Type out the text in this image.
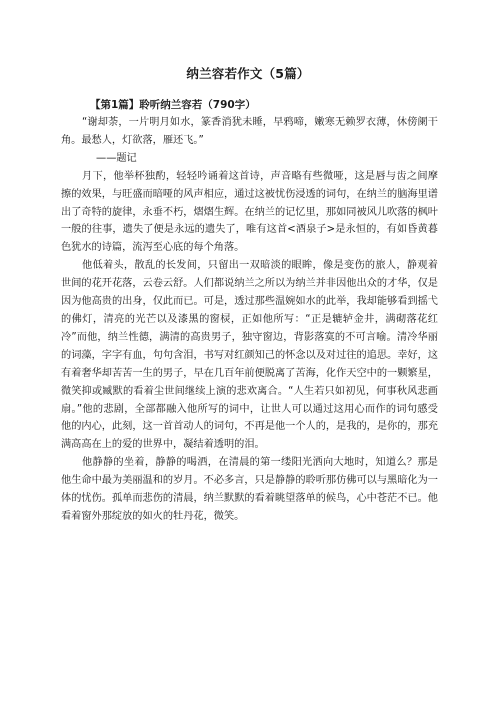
纳兰容若作文（5篇）
【第1篇】聆听纳兰容若（790字）

“谢却荼，一片明月如水，篆香消犹未睡，早鸦啼，嫩寒无赖罗衣薄，休傍阑干角。最愁人，灯欲落，雁还飞。”

——题记

月下，他举杯独酌，轻轻吟诵着这首诗，声音略有些微哑，这是唇与齿之间摩擦的效果，与旺盛而暗哑的风声相应，通过这被忧伤浸透的词句，在纳兰的脑海里谱出了奇特的旋律，永垂不朽，熠熠生辉。在纳兰的记忆里，那如同被风儿吹落的枫叶一般的往事，遗失了便是永远的遗失了，唯有这首<酒泉子>是永恒的，有如昏黄暮色犹水的诗篇，流泻至心底的每个角落。

他低着头，散乱的长发间，只留出一双暗淡的眼眸，像是变伤的旅人，静观着世间的花开花落，云卷云舒。人们都说纳兰之所以为纳兰并非因他出众的才华，仅是因为他高贵的出身，仅此而已。可是，透过那些温婉如水的此举，我却能够看到摇弋的佛灯，清亮的光芒以及漆黑的窗棂，正如他所写：“正是辘轳金井，满砌落花红冷”而他，纳兰性德，满清的高贵男子，独守窗边，背影落寞的不可言喻。清冷华丽的词藻，字字有血，句句含泪，书写对红颜知己的怀念以及对过往的追思。幸好，这有着奢华却苦苦一生的男子，早在几百年前便脱离了苦海，化作天空中的一颗繁星，微笑抑或臧默的看着尘世间继续上演的悲欢离合。“人生若只如初见，何事秋风悲画扇。”他的悲剧，全部都融入他所写的词中，让世人可以通过这用心而作的词句感受他的内心，此刻，这一首首动人的词句，不再是他一个人的，是我的，是你的，那充满高高在上的爱的世界中，凝结着透明的泪。

他静静的坐着，静静的喝酒，在清晨的第一缕阳光洒向大地时，知道么？那是他生命中最为美丽温和的岁月。不必多言，只是静静的聆听那仿佛可以与黑暗化为一体的忧伤。孤单而悲伤的清晨，纳兰默默的看着眺望落单的候鸟，心中苍茫不已。他看着窗外那绽放的如火的牡丹花，微笑。
